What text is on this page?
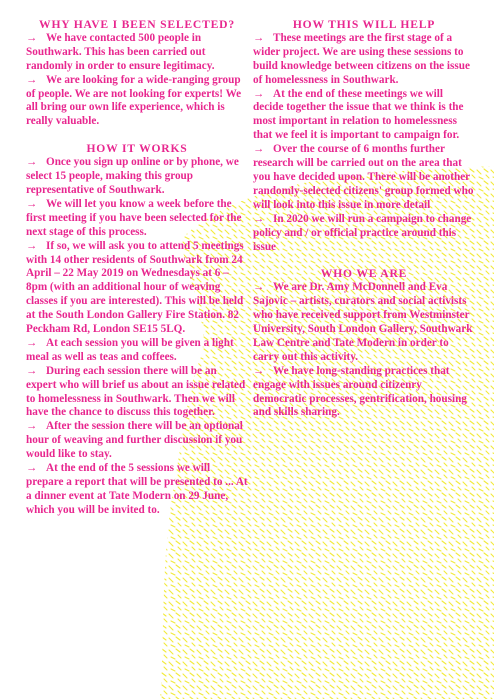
WHY HAVE I BEEN SELECTED?

→ We have contacted 500 people in Southwark. This has been carried out randomly in order to ensure legitimacy.

→ We are looking for a wide-ranging group of people. We are not looking for experts! We all bring our own life experience, which is really valuable.

HOW IT WORKS

→ Once you sign up online or by phone, we select 15 people, making this group representative of Southwark.

→ We will let you know a week before the first meeting if you have been selected for the next stage of this process.

→ If so, we will ask you to attend 5 meetings with 14 other residents of Southwark from 24 April – 22 May 2019 on Wednesdays at 6 – 8pm (with an additional hour of weaving classes if you are interested). This will be held at the South London Gallery Fire Station. 82 Peckham Rd, London SE15 5LQ.

→ At each session you will be given a light meal as well as teas and coffees.

→ During each session there will be an expert who will brief us about an issue related to homelessness in Southwark. Then we will have the chance to discuss this together.

→ After the session there will be an optional hour of weaving and further discussion if you would like to stay.

→ At the end of the 5 sessions we will prepare a report that will be presented to ... At a dinner event at Tate Modern on 29 June, which you will be invited to.

HOW THIS WILL HELP

→ These meetings are the first stage of a wider project. We are using these sessions to build knowledge between citizens on the issue of homelessness in Southwark.

→ At the end of these meetings we will decide together the issue that we think is the most important in relation to homelessness that we feel it is important to campaign for.

→ Over the course of 6 months further research will be carried out on the area that you have decided upon. There will be another randomly-selected citizens' group formed who will look into this issue in more detail

→ In 2020 we will run a campaign to change policy and / or official practice around this issue

WHO WE ARE

→ We are Dr. Amy McDonnell and Eva Sajovic – artists, curators and social activists who have received support from Westminster University, South London Gallery, Southwark Law Centre and Tate Modern in order to carry out this activity.

→ We have long-standing practices that engage with issues around citizenry democratic processes, gentrification, housing and skills sharing.
